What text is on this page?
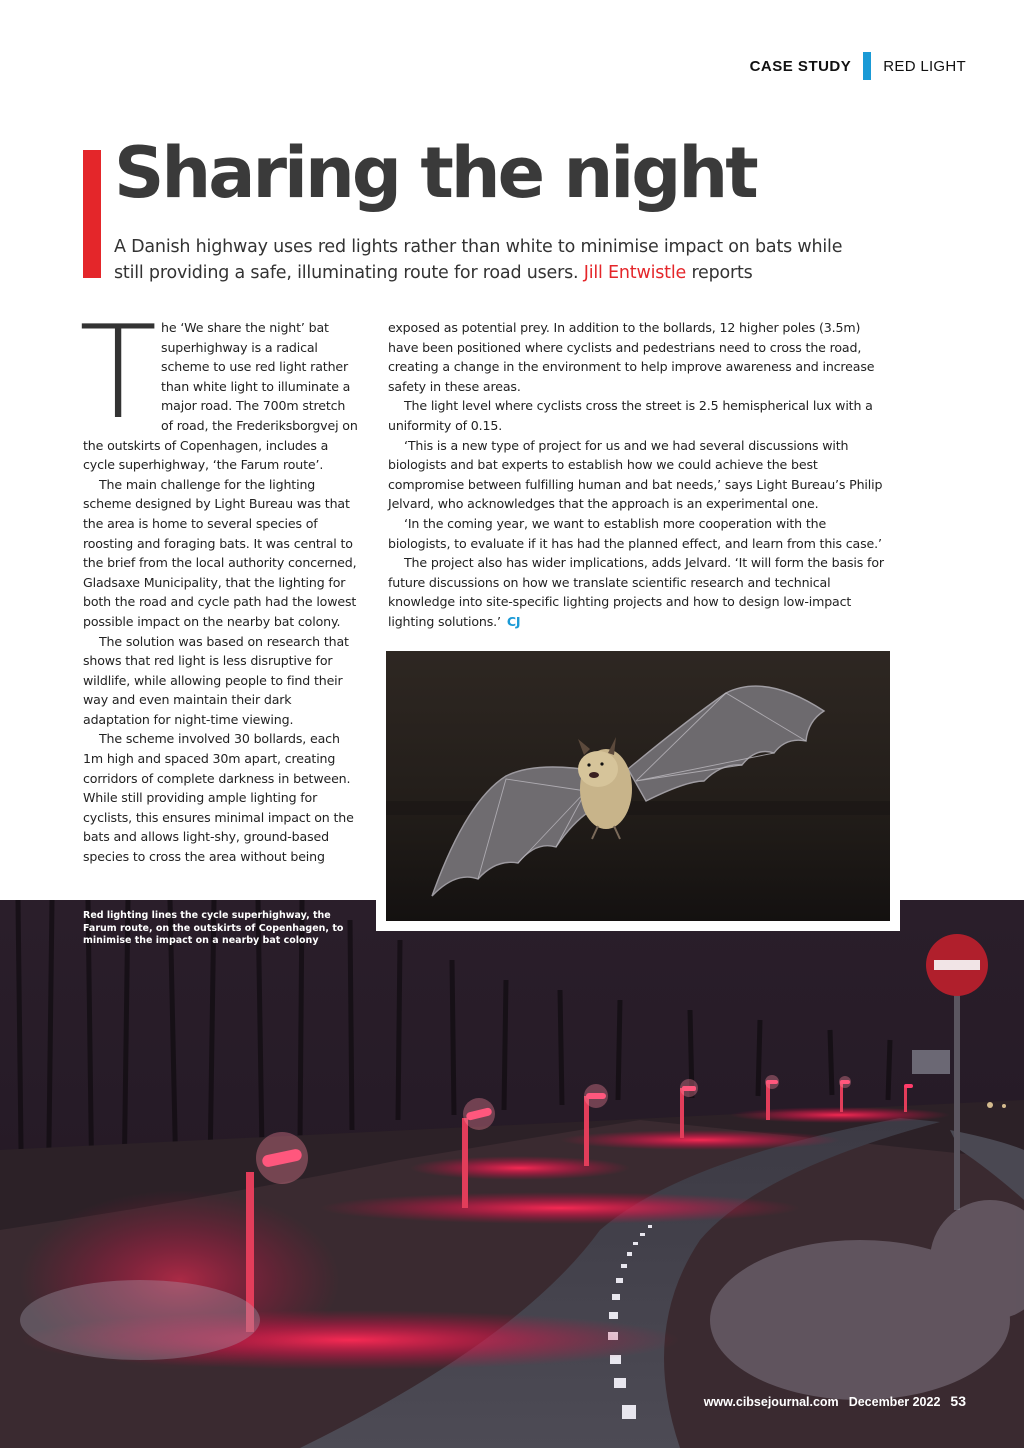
CASE STUDY RED LIGHT
Sharing the night

A Danish highway uses red lights rather than white to minimise impact on bats while still providing a safe, illuminating route for road users. Jill Entwistle reports

The ‘We share the night’ bat superhighway is a radical scheme to use red light rather than white light to illuminate a major road. The 700m stretch of road, the Frederiksborgvej on the outskirts of Copenhagen, includes a cycle superhighway, ‘the Farum route’.

The main challenge for the lighting scheme designed by Light Bureau was that the area is home to several species of roosting and foraging bats. It was central to the brief from the local authority concerned, Gladsaxe Municipality, that the lighting for both the road and cycle path had the lowest possible impact on the nearby bat colony.

The solution was based on research that shows that red light is less disruptive for wildlife, while allowing people to find their way and even maintain their dark adaptation for night-time viewing.

The scheme involved 30 bollards, each 1m high and spaced 30m apart, creating corridors of complete darkness in between. While still providing ample lighting for cyclists, this ensures minimal impact on the bats and allows light-shy, ground-based species to cross the area without being

exposed as potential prey. In addition to the bollards, 12 higher poles (3.5m) have been positioned where cyclists and pedestrians need to cross the road, creating a change in the environment to help improve awareness and increase safety in these areas.

The light level where cyclists cross the street is 2.5 hemispherical lux with a uniformity of 0.15.

‘This is a new type of project for us and we had several discussions with biologists and bat experts to establish how we could achieve the best compromise between fulfilling human and bat needs,’ says Light Bureau’s Philip Jelvard, who acknowledges that the approach is an experimental one.

‘In the coming year, we want to establish more cooperation with the biologists, to evaluate if it has had the planned effect, and learn from this case.’

The project also has wider implications, adds Jelvard. ‘It will form the basis for future discussions on how we translate scientific research and technical knowledge into site-specific lighting projects and how to design low-impact lighting solutions.’ CJ

Red lighting lines the cycle superhighway, the Farum route, on the outskirts of Copenhagen, to minimise the impact on a nearby bat colony
www.cibsejournal.com December 2022 53
